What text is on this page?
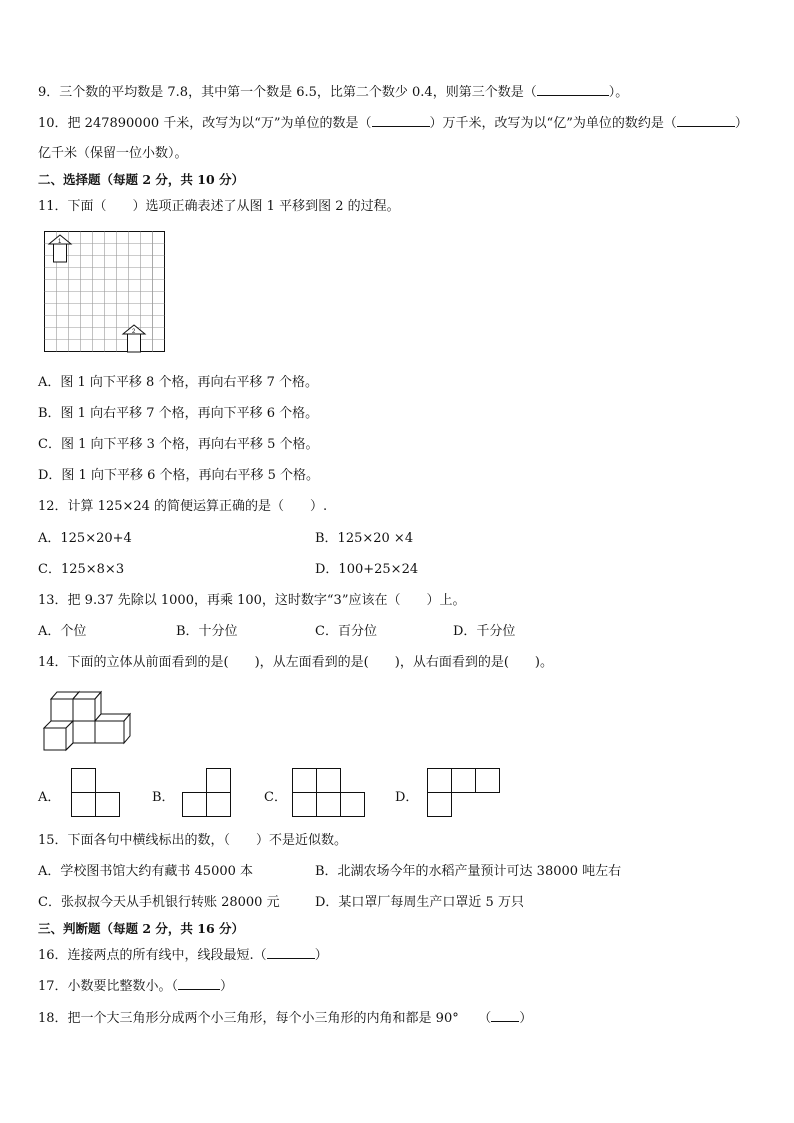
9．三个数的平均数是 7.8，其中第一个数是 6.5，比第二个数少 0.4，则第三个数是（	）。
10．把 247890000 千米，改写为以“万”为单位的数是（	）万千米，改写为以“亿”为单位的数约是（	）
亿千米（保留一位小数）。
二、选择题（每题 2 分，共 10 分）
11．下面（　　）选项正确表述了从图 1 平移到图 2 的过程。
1
2
A．图 1 向下平移 8 个格，再向右平移 7 个格。
B．图 1 向右平移 7 个格，再向下平移 6 个格。
C．图 1 向下平移 3 个格，再向右平移 5 个格。
D．图 1 向下平移 6 个格，再向右平移 5 个格。
12．计算 125×24 的简便运算正确的是（　　）.
A．125×20+4	B．125×20 ×4
C．125×8×3	D．100+25×24
13．把 9.37 先除以 1000，再乘 100，这时数字“3”应该在（　　）上。
A．个位	B．十分位	C．百分位	D．千分位
14．下面的立体从前面看到的是(　　)，从左面看到的是(　　)，从右面看到的是(　　)。
A．	B．	C．	D．
15．下面各句中横线标出的数，（　　）不是近似数。
A．学校图书馆大约有藏书 45000 本	B．北湖农场今年的水稻产量预计可达 38000 吨左右
C．张叔叔今天从手机银行转账 28000 元	D．某口罩厂每周生产口罩近 5 万只
三、判断题（每题 2 分，共 16 分）
16．连接两点的所有线中，线段最短.（	）
17．小数要比整数小。（	）
18．把一个大三角形分成两个小三角形，每个小三角形的内角和都是 90°　　（ ）
